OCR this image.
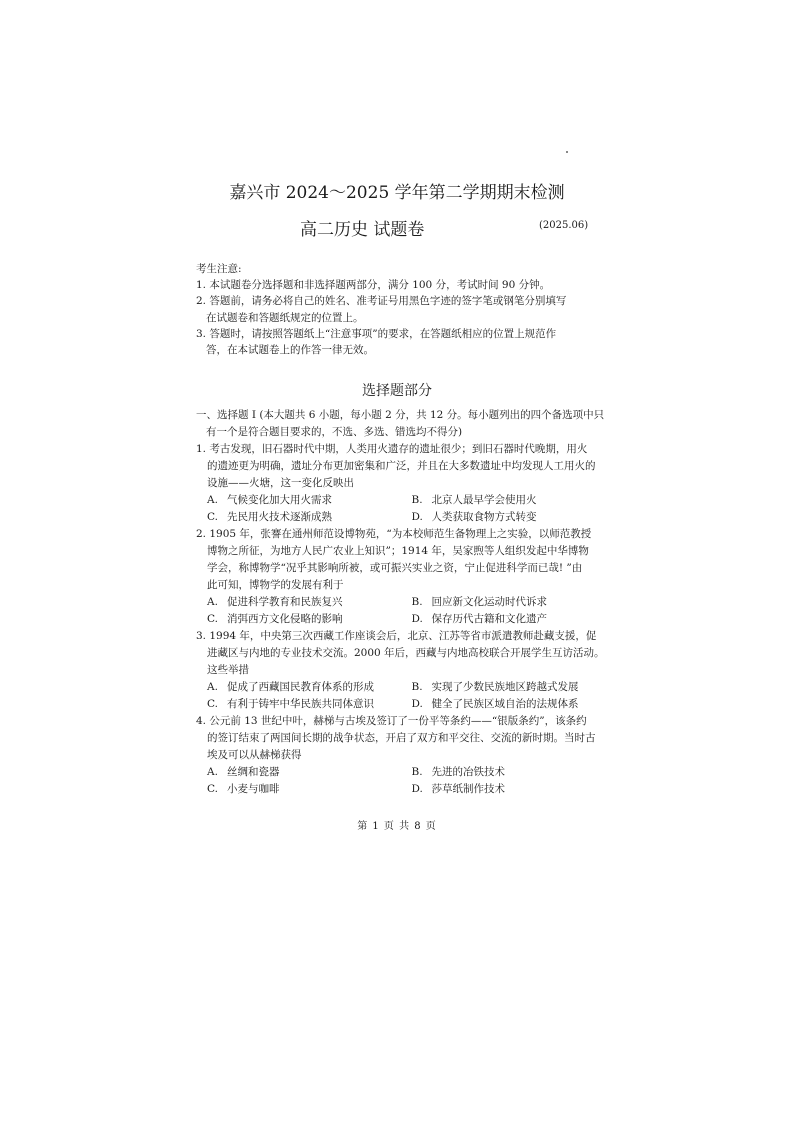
嘉兴市 2024～2025 学年第二学期期末检测
高二历史 试题卷	(2025.06)
考生注意:
1. 本试题卷分选择题和非选择题两部分，满分 100 分，考试时间 90 分钟。
2. 答题前，请务必将自己的姓名、准考证号用黑色字迹的签字笔或钢笔分别填写
在试题卷和答题纸规定的位置上。
3. 答题时，请按照答题纸上“注意事项”的要求，在答题纸相应的位置上规范作
答，在本试题卷上的作答一律无效。
选择题部分
一、选择题 I (本大题共 6 小题，每小题 2 分，共 12 分。每小题列出的四个备选项中只
有一个是符合题目要求的，不选、多选、错选均不得分)
1. 考古发现，旧石器时代中期，人类用火遗存的遗址很少；到旧石器时代晚期，用火
的遗迹更为明确，遗址分布更加密集和广泛，并且在大多数遗址中均发现人工用火的
设施——火塘，这一变化反映出
A. 气候变化加大用火需求	B. 北京人最早学会使用火
C. 先民用火技术逐渐成熟	D. 人类获取食物方式转变
2. 1905 年，张謇在通州师范设博物苑，“为本校师范生备物理上之实验，以师范教授
博物之所征，为地方人民广农业上知识”；1914 年，吴家煦等人组织发起中华博物
学会，称博物学“况乎其影响所被，或可振兴实业之资，宁止促进科学而已哉! ”由
此可知，博物学的发展有利于
A. 促进科学教育和民族复兴	B. 回应新文化运动时代诉求
C. 消弭西方文化侵略的影响	D. 保存历代古籍和文化遗产
3. 1994 年，中央第三次西藏工作座谈会后，北京、江苏等省市派遣教师赴藏支援，促
进藏区与内地的专业技术交流。2000 年后，西藏与内地高校联合开展学生互访活动。
这些举措
A. 促成了西藏国民教育体系的形成	B. 实现了少数民族地区跨越式发展
C. 有利于铸牢中华民族共同体意识	D. 健全了民族区域自治的法规体系
4. 公元前 13 世纪中叶，赫梯与古埃及签订了一份平等条约——“银版条约”，该条约
的签订结束了两国间长期的战争状态，开启了双方和平交往、交流的新时期。当时古
埃及可以从赫梯获得
A. 丝绸和瓷器	B. 先进的冶铁技术
C. 小麦与咖啡	D. 莎草纸制作技术
第 1 页 共 8 页
